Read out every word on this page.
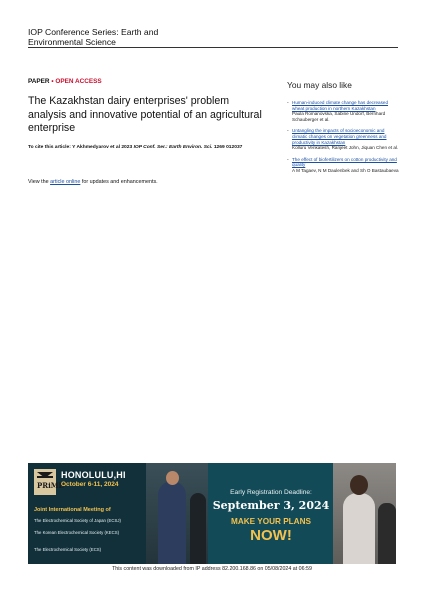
IOP Conference Series: Earth and
Environmental Science
PAPER • OPEN ACCESS
The Kazakhstan dairy enterprises' problem analysis and innovative potential of an agricultural enterprise
To cite this article: Y Akhmedyarov et al 2023 IOP Conf. Ser.: Earth Environ. Sci. 1269 012037
View the article online for updates and enhancements.
You may also like
- Human-induced climate change has decreased wheat production in northern Kazakhstan
Paula Romanovska, Sabine Undorf, Bernhard Schauberger et al.
- Untangling the impacts of socioeconomic and climatic changes on vegetation greenness and productivity in Kazakhstan
Kolluru Venkatesh, Ranjeet John, Jiquan Chen et al.
- The effect of biofertilizers on cotton productivity and quality
A M Tagaev, N M Daulenbek and Sh O Bastaubaeva
PRiME
HONOLULU,HI
October 6-11, 2024
Joint International Meeting of
The Electrochemical Society of Japan (ECSJ)
The Korean Electrochemical Society (KECS)
The Electrochemical Society (ECS)
Early Registration Deadline:
September 3, 2024
MAKE YOUR PLANS
NOW!
This content was downloaded from IP address 82.200.168.86 on 05/08/2024 at 06:59
